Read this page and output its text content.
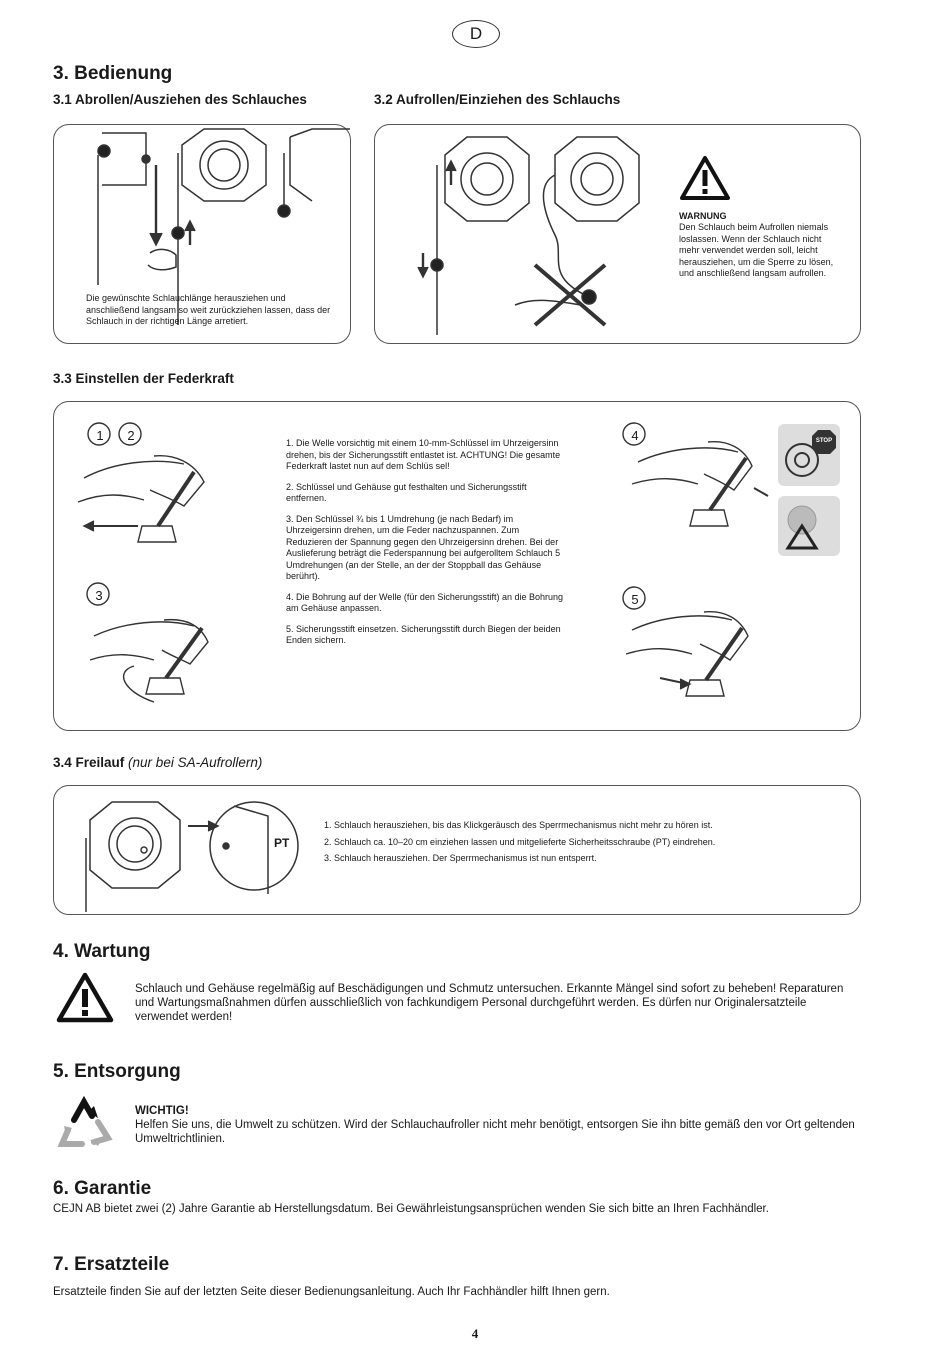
D
3. Bedienung
3.1 Abrollen/Ausziehen des Schlauches	3.2 Aufrollen/Einziehen des Schlauchs
Die gewünschte Schlauchlänge herausziehen und anschließend langsam so weit zurückziehen lassen, dass der Schlauch in der richtigen Länge arretiert.
WARNUNG
Den Schlauch beim Aufrollen niemals loslassen. Wenn der Schlauch nicht mehr verwendet werden soll, leicht herausziehen, um die Sperre zu lösen, und anschließend langsam aufrollen.
3.3 Einstellen der Federkraft
1 2
3
4
5
STOP
1. Die Welle vorsichtig mit einem 10-mm-Schlüssel im Uhrzeigersinn drehen, bis der Sicherungsstift entlastet ist. ACHTUNG! Die gesamte Federkraft lastet nun auf dem Schlüs sel!
2. Schlüssel und Gehäuse gut festhalten und Sicherungsstift entfernen.
3. Den Schlüssel ¾ bis 1 Umdrehung (je nach Bedarf) im Uhrzeigersinn drehen, um die Feder nachzuspannen. Zum Reduzieren der Spannung gegen den Uhrzeigersinn drehen. Bei der Auslieferung beträgt die Federspannung bei aufgerolltem Schlauch 5 Umdrehungen (an der Stelle, an der der Stoppball das Gehäuse berührt).
4. Die Bohrung auf der Welle (für den Sicherungsstift) an die Bohrung am Gehäuse anpassen.
5. Sicherungsstift einsetzen. Sicherungsstift durch Biegen der beiden Enden sichern.
3.4 Freilauf (nur bei SA-Aufrollern)
PT
1. Schlauch herausziehen, bis das Klickgeräusch des Sperrmechanismus nicht mehr zu hören ist.
2. Schlauch ca. 10–20 cm einziehen lassen und mitgelieferte Sicherheitsschraube (PT) eindrehen.
3. Schlauch herausziehen. Der Sperrmechanismus ist nun entsperrt.
4. Wartung
Schlauch und Gehäuse regelmäßig auf Beschädigungen und Schmutz untersuchen. Erkannte Mängel sind sofort zu beheben! Reparaturen und Wartungsmaßnahmen dürfen ausschließlich von fachkundigem Personal durchgeführt werden. Es dürfen nur Originalersatzteile verwendet werden!
5. Entsorgung
WICHTIG!
Helfen Sie uns, die Umwelt zu schützen. Wird der Schlauchaufroller nicht mehr benötigt, entsorgen Sie ihn bitte gemäß den vor Ort geltenden Umweltrichtlinien.
6. Garantie
CEJN AB bietet zwei (2) Jahre Garantie ab Herstellungsdatum. Bei Gewährleistungsansprüchen wenden Sie sich bitte an Ihren Fachhändler.
7. Ersatzteile
Ersatzteile finden Sie auf der letzten Seite dieser Bedienungsanleitung. Auch Ihr Fachhändler hilft Ihnen gern.
4
